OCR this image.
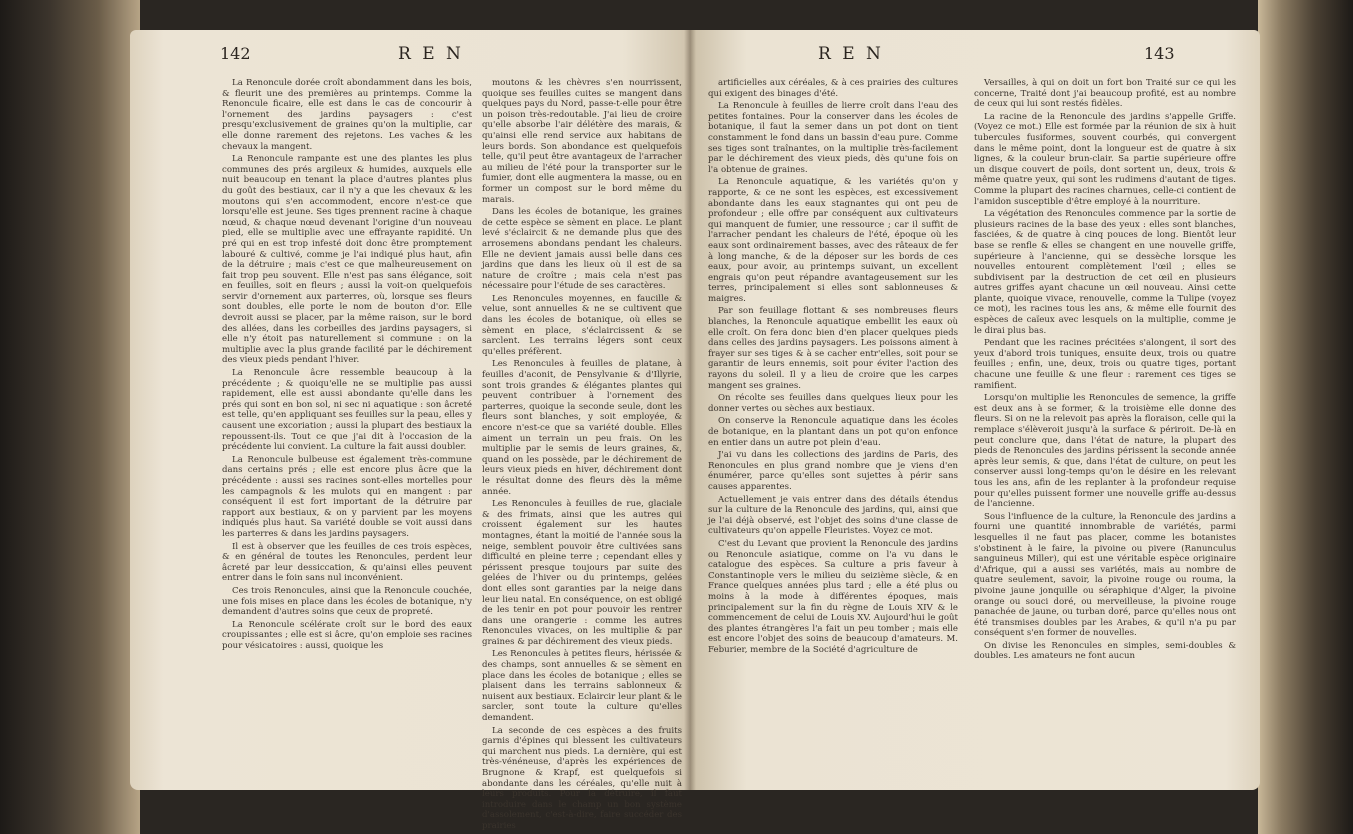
142	R E N

La Renoncule dorée croît abondamment dans les bois, & fleurit une des premières au printemps. Comme la Renoncule ficaire, elle est dans le cas de concourir à l'ornement des jardins paysagers : c'est presqu'exclusivement de graines qu'on la multiplie, car elle donne rarement des rejetons. Les vaches & les chevaux la mangent.

La Renoncule rampante est une des plantes les plus communes des prés argileux & humides, auxquels elle nuit beaucoup en tenant la place d'autres plantes plus du goût des bestiaux, car il n'y a que les chevaux & les moutons qui s'en accommodent, encore n'est-ce que lorsqu'elle est jeune. Ses tiges prennent racine à chaque nœud, & chaque nœud devenant l'origine d'un nouveau pied, elle se multiplie avec une effrayante rapidité. Un pré qui en est trop infesté doit donc être promptement labouré & cultivé, comme je l'ai indiqué plus haut, afin de la détruire ; mais c'est ce que malheureusement on fait trop peu souvent. Elle n'est pas sans élégance, soit en feuilles, soit en fleurs ; aussi la voit-on quelquefois servir d'ornement aux parterres, où, lorsque ses fleurs sont doubles, elle porte le nom de bouton d'or. Elle devroit aussi se placer, par la même raison, sur le bord des allées, dans les corbeilles des jardins paysagers, si elle n'y étoit pas naturellement si commune : on la multiplie avec la plus grande facilité par le déchirement des vieux pieds pendant l'hiver.

La Renoncule âcre ressemble beaucoup à la précédente ; & quoiqu'elle ne se multiplie pas aussi rapidement, elle est aussi abondante qu'elle dans les prés qui sont en bon sol, ni sec ni aquatique : son âcreté est telle, qu'en appliquant ses feuilles sur la peau, elles y causent une excoriation ; aussi la plupart des bestiaux la repoussent-ils. Tout ce que j'ai dit à l'occasion de la précédente lui convient. La culture la fait aussi doubler.

La Renoncule bulbeuse est également très-commune dans certains prés ; elle est encore plus âcre que la précédente : aussi ses racines sont-elles mortelles pour les campagnols & les mulots qui en mangent : par conséquent il est fort important de la détruire par rapport aux bestiaux, & on y parvient par les moyens indiqués plus haut. Sa variété double se voit aussi dans les parterres & dans les jardins paysagers.

Il est à observer que les feuilles de ces trois espèces, & en général de toutes les Renoncules, perdent leur âcreté par leur dessiccation, & qu'ainsi elles peuvent entrer dans le foin sans nul inconvénient.

Ces trois Renoncules, ainsi que la Renoncule couchée, une fois mises en place dans les écoles de botanique, n'y demandent d'autres soins que ceux de propreté.

La Renoncule scélérate croît sur le bord des eaux croupissantes ; elle est si âcre, qu'on emploie ses racines pour vésicatoires : aussi, quoique les

moutons & les chèvres s'en nourrissent, quoique ses feuilles cuites se mangent dans quelques pays du Nord, passe-t-elle pour être un poison très-redoutable. J'ai lieu de croire qu'elle absorbe l'air délétère des marais, & qu'ainsi elle rend service aux habitans de leurs bords. Son abondance est quelquefois telle, qu'il peut être avantageux de l'arracher au milieu de l'été pour la transporter sur le fumier, dont elle augmentera la masse, ou en former un compost sur le bord même du marais.

Dans les écoles de botanique, les graines de cette espèce se sèment en place. Le plant levé s'éclaircit & ne demande plus que des arrosemens abondans pendant les chaleurs. Elle ne devient jamais aussi belle dans ces jardins que dans les lieux où il est de sa nature de croître ; mais cela n'est pas nécessaire pour l'étude de ses caractères.

Les Renoncules moyennes, en faucille & velue, sont annuelles & ne se cultivent que dans les écoles de botanique, où elles se sèment en place, s'éclaircissent & se sarclent. Les terrains légers sont ceux qu'elles préfèrent.

Les Renoncules à feuilles de platane, à feuilles d'aconit, de Pensylvanie & d'Illyrie, sont trois grandes & élégantes plantes qui peuvent contribuer à l'ornement des parterres, quoique la seconde seule, dont les fleurs sont blanches, y soit employée, & encore n'est-ce que sa variété double. Elles aiment un terrain un peu frais. On les multiplie par le semis de leurs graines, &, quand on les possède, par le déchirement de leurs vieux pieds en hiver, déchirement dont le résultat donne des fleurs dès la même année.

Les Renoncules à feuilles de rue, glaciale & des frimats, ainsi que les autres qui croissent également sur les hautes montagnes, étant la moitié de l'année sous la neige, semblent pouvoir être cultivées sans difficulté en pleine terre ; cependant elles y périssent presque toujours par suite des gelées de l'hiver ou du printemps, gelées dont elles sont garanties par la neige dans leur lieu natal. En conséquence, on est obligé de les tenir en pot pour pouvoir les rentrer dans une orangerie : comme les autres Renoncules vivaces, on les multiplie & par graines & par déchirement des vieux pieds.

Les Renoncules à petites fleurs, hérissée & des champs, sont annuelles & se sèment en place dans les écoles de botanique ; elles se plaisent dans les terrains sablonneux & nuisent aux bestiaux. Eclaircir leur plant & le sarcler, sont toute la culture qu'elles demandent.

La seconde de ces espèces a des fruits garnis d'épines qui blessent les cultivateurs qui marchent nus pieds. La dernière, qui est très-vénéneuse, d'après les expériences de Brugnone & Krapf, est quelquefois si abondante dans les céréales, qu'elle nuit à leurs produits. Pour la détruire, il faut introduire dans le champ un bon système d'assolement, c'est-à-dire, faire succéder des prairies

R E N	143

artificielles aux céréales, & à ces prairies des cultures qui exigent des binages d'été.

La Renoncule à feuilles de lierre croît dans l'eau des petites fontaines. Pour la conserver dans les écoles de botanique, il faut la semer dans un pot dont on tient constamment le fond dans un bassin d'eau pure. Comme ses tiges sont traînantes, on la multiplie très-facilement par le déchirement des vieux pieds, dès qu'une fois on l'a obtenue de graines.

La Renoncule aquatique, & les variétés qu'on y rapporte, & ce ne sont les espèces, est excessivement abondante dans les eaux stagnantes qui ont peu de profondeur ; elle offre par conséquent aux cultivateurs qui manquent de fumier, une ressource ; car il suffit de l'arracher pendant les chaleurs de l'été, époque où les eaux sont ordinairement basses, avec des râteaux de fer à long manche, & de la déposer sur les bords de ces eaux, pour avoir, au printemps suivant, un excellent engrais qu'on peut répandre avantageusement sur les terres, principalement si elles sont sablonneuses & maigres.

Par son feuillage flottant & ses nombreuses fleurs blanches, la Renoncule aquatique embellit les eaux où elle croît. On fera donc bien d'en placer quelques pieds dans celles des jardins paysagers. Les poissons aiment à frayer sur ses tiges & à se cacher entr'elles, soit pour se garantir de leurs ennemis, soit pour éviter l'action des rayons du soleil. Il y a lieu de croire que les carpes mangent ses graines.

On récolte ses feuilles dans quelques lieux pour les donner vertes ou sèches aux bestiaux.

On conserve la Renoncule aquatique dans les écoles de botanique, en la plantant dans un pot qu'on enfonce en entier dans un autre pot plein d'eau.

J'ai vu dans les collections des jardins de Paris, des Renoncules en plus grand nombre que je viens d'en énumérer, parce qu'elles sont sujettes à périr sans causes apparentes.

Actuellement je vais entrer dans des détails étendus sur la culture de la Renoncule des jardins, qui, ainsi que je l'ai déjà observé, est l'objet des soins d'une classe de cultivateurs qu'on appelle Fleuristes. Voyez ce mot.

C'est du Levant que provient la Renoncule des jardins ou Renoncule asiatique, comme on l'a vu dans le catalogue des espèces. Sa culture a pris faveur à Constantinople vers le milieu du seizième siècle, & en France quelques années plus tard ; elle a été plus ou moins à la mode à différentes époques, mais principalement sur la fin du règne de Louis XIV & le commencement de celui de Louis XV. Aujourd'hui le goût des plantes étrangères l'a fait un peu tomber ; mais elle est encore l'objet des soins de beaucoup d'amateurs. M. Feburier, membre de la Société d'agriculture de

Versailles, à qui on doit un fort bon Traité sur ce qui les concerne, Traité dont j'ai beaucoup profité, est au nombre de ceux qui lui sont restés fidèles.

La racine de la Renoncule des jardins s'appelle Griffe. (Voyez ce mot.) Elle est formée par la réunion de six à huit tubercules fusiformes, souvent courbés, qui convergent dans le même point, dont la longueur est de quatre à six lignes, & la couleur brun-clair. Sa partie supérieure offre un disque couvert de poils, dont sortent un, deux, trois & même quatre yeux, qui sont les rudimens d'autant de tiges. Comme la plupart des racines charnues, celle-ci contient de l'amidon susceptible d'être employé à la nourriture.

La végétation des Renoncules commence par la sortie de plusieurs racines de la base des yeux : elles sont blanches, fasciées, & de quatre à cinq pouces de long. Bientôt leur base se renfle & elles se changent en une nouvelle griffe, supérieure à l'ancienne, qui se dessèche lorsque les nouvelles entourent complètement l'œil ; elles se subdivisent par la destruction de cet œil en plusieurs autres griffes ayant chacune un œil nouveau. Ainsi cette plante, quoique vivace, renouvelle, comme la Tulipe (voyez ce mot), les racines tous les ans, & même elle fournit des espèces de caïeux avec lesquels on la multiplie, comme je le dirai plus bas.

Pendant que les racines précitées s'alongent, il sort des yeux d'abord trois tuniques, ensuite deux, trois ou quatre feuilles ; enfin, une, deux, trois ou quatre tiges, portant chacune une feuille & une fleur : rarement ces tiges se ramifient.

Lorsqu'on multiplie les Renoncules de semence, la griffe est deux ans à se former, & la troisième elle donne des fleurs. Si on ne la relevoit pas après la floraison, celle qui la remplace s'élèveroit jusqu'à la surface & périroit. De-là en peut conclure que, dans l'état de nature, la plupart des pieds de Renoncules des jardins périssent la seconde année après leur semis, & que, dans l'état de culture, on peut les conserver aussi long-temps qu'on le désire en les relevant tous les ans, afin de les replanter à la profondeur requise pour qu'elles puissent former une nouvelle griffe au-dessus de l'ancienne.

Sous l'influence de la culture, la Renoncule des jardins a fourni une quantité innombrable de variétés, parmi lesquelles il ne faut pas placer, comme les botanistes s'obstinent à le faire, la pivoine ou pivere (Ranunculus sanguineus Miller), qui est une véritable espèce originaire d'Afrique, qui a aussi ses variétés, mais au nombre de quatre seulement, savoir, la pivoine rouge ou rouma, la pivoine jaune jonquille ou séraphique d'Alger, la pivoine orange ou souci doré, ou merveilleuse, la pivoine rouge panachée de jaune, ou turban doré, parce qu'elles nous ont été transmises doubles par les Arabes, & qu'il n'a pu par conséquent s'en former de nouvelles.

On divise les Renoncules en simples, semi-doubles & doubles. Les amateurs ne font aucun
